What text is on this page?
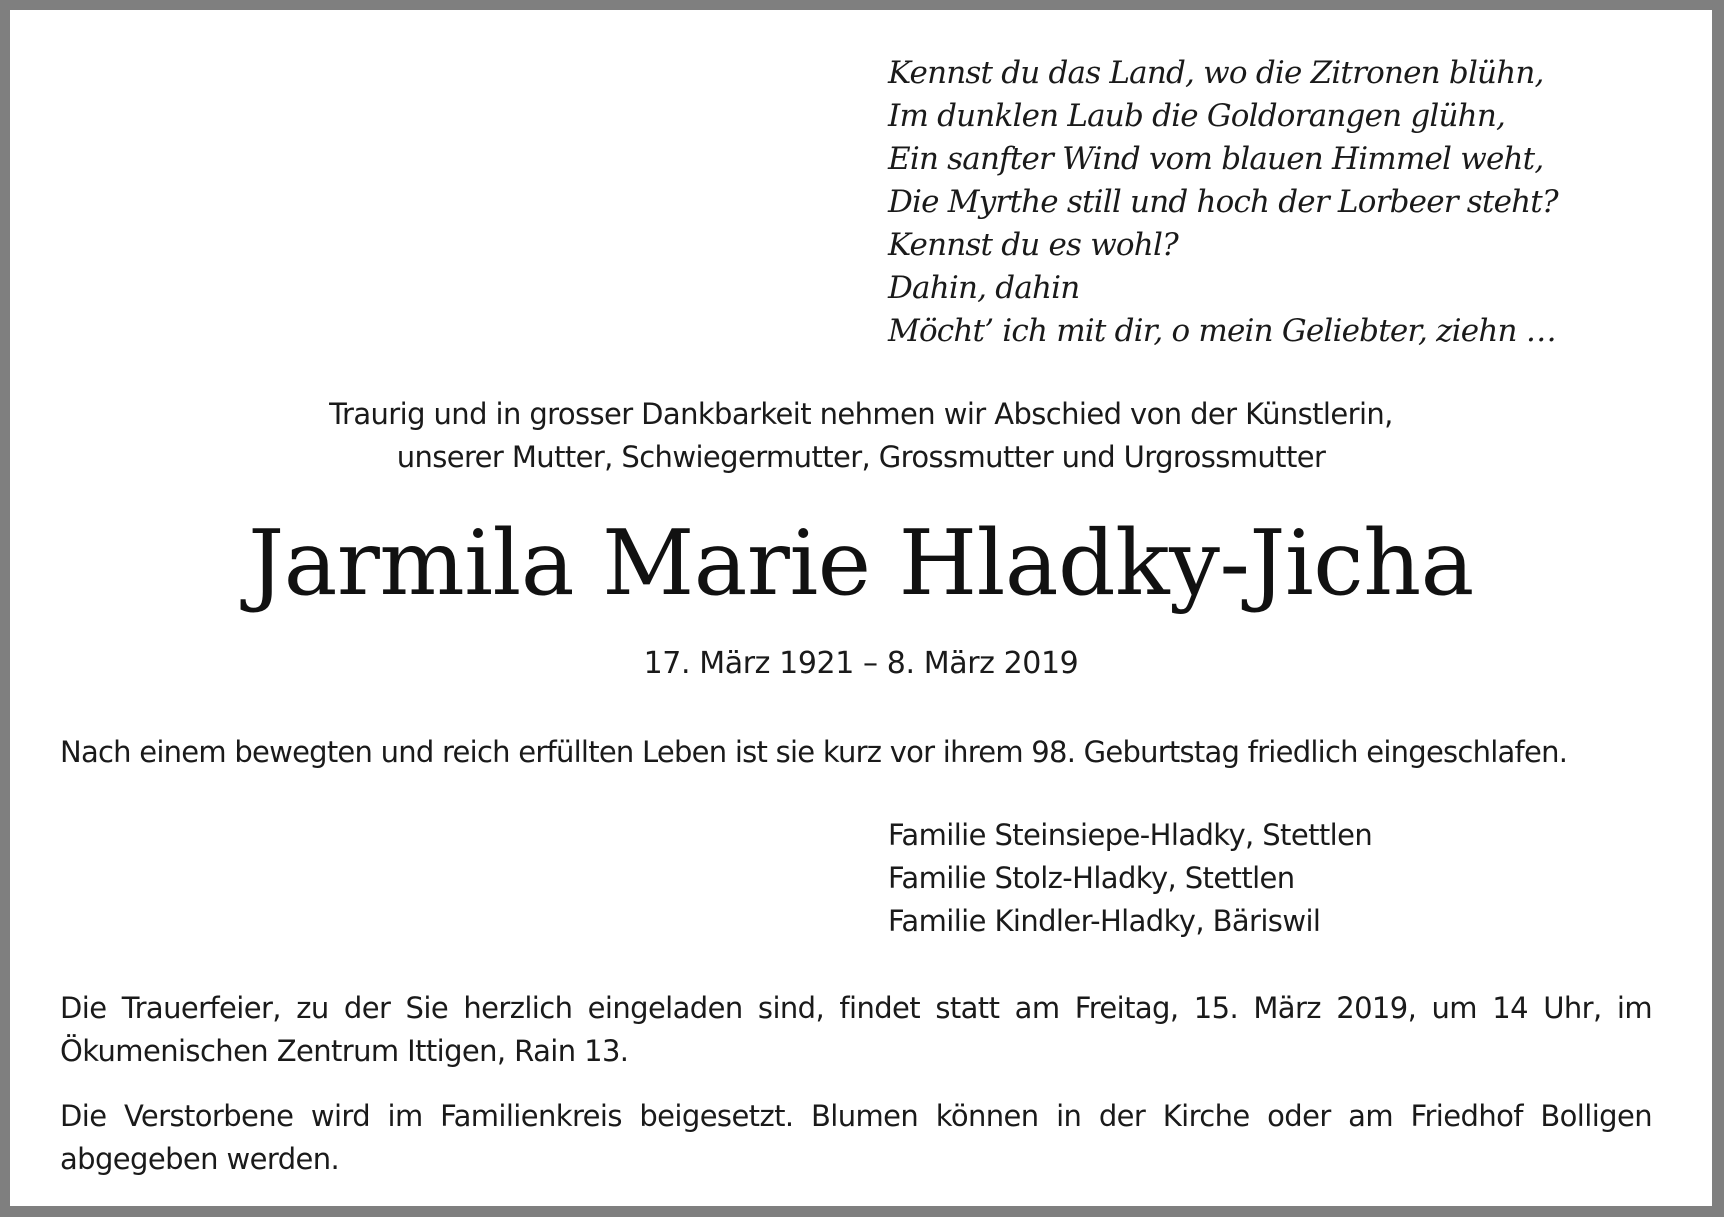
Kennst du das Land, wo die Zitronen blühn,
Im dunklen Laub die Goldorangen glühn,
Ein sanfter Wind vom blauen Himmel weht,
Die Myrthe still und hoch der Lorbeer steht?
Kennst du es wohl?
Dahin, dahin
Möcht’ ich mit dir, o mein Geliebter, ziehn …
Traurig und in grosser Dankbarkeit nehmen wir Abschied von der Künstlerin,
unserer Mutter, Schwiegermutter, Grossmutter und Urgrossmutter
Jarmila Marie Hladky-Jicha
17. März 1921 – 8. März 2019
Nach einem bewegten und reich erfüllten Leben ist sie kurz vor ihrem 98. Geburtstag friedlich eingeschlafen.
Familie Steinsiepe-Hladky, Stettlen
Familie Stolz-Hladky, Stettlen
Familie Kindler-Hladky, Bäriswil

Die Trauerfeier, zu der Sie herzlich eingeladen sind, findet statt am Freitag, 15. März 2019, um 14 Uhr, im Ökumenischen Zentrum Ittigen, Rain 13.

Die Verstorbene wird im Familienkreis beigesetzt. Blumen können in der Kirche oder am Friedhof Bolligen abgegeben werden.
